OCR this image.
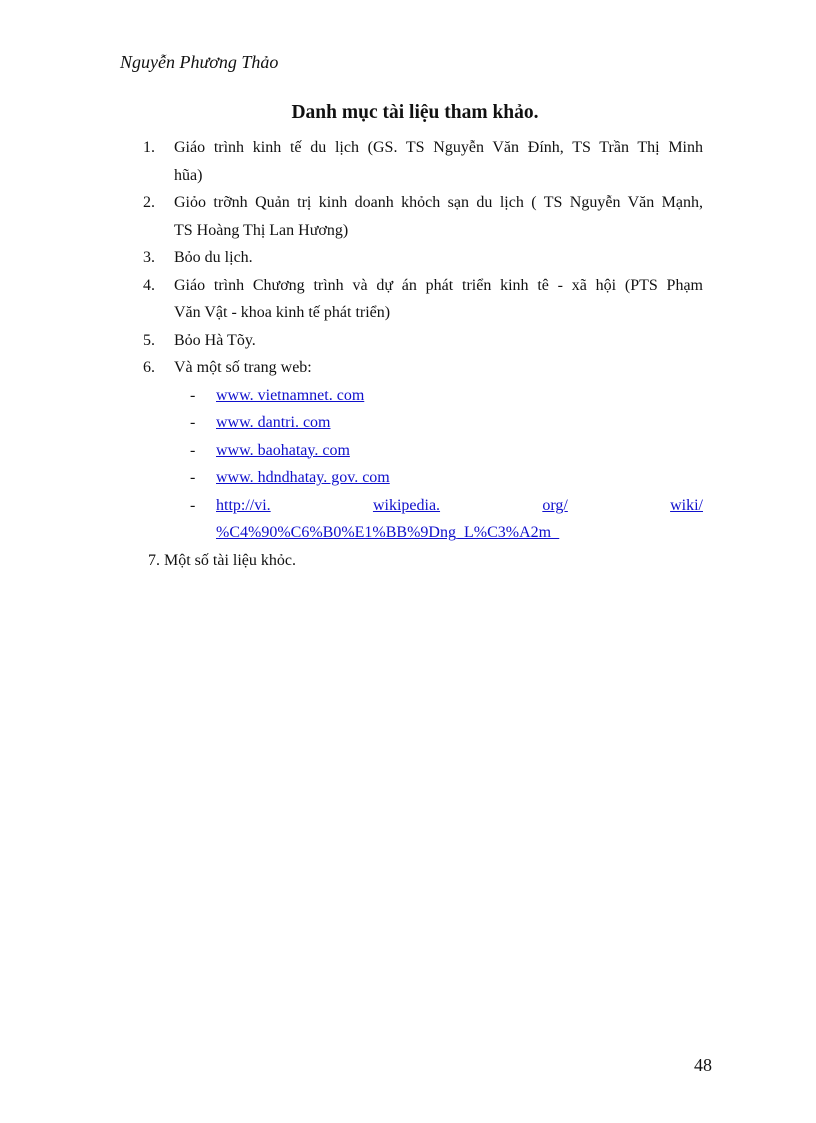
Nguyễn Phương Thảo
Danh mục tài liệu tham khảo.
1.	Giáo trình kinh tế du lịch (GS. TS Nguyễn Văn Đính, TS Trần Thị Minh
hũa)
2.	Giỏo trỡnh Quản trị kinh doanh khỏch sạn du lịch ( TS Nguyễn Văn Mạnh,
TS Hoàng Thị Lan Hương)
3.	Bỏo du lịch.
4.	Giáo trình Chương trình và dự án phát triển kinh tê - xã hội (PTS Phạm
Văn Vật - khoa kinh tế phát triển)
5.	Bỏo Hà Tõy.
6.	Và một số trang web:
-	www. vietnamnet. com
-	www. dantri. com
-	www. baohatay. com
-	www. hdndhatay. gov. com
-	http://vi.	wikipedia.	org/	wiki/
%C4%90%C6%B0%E1%BB%9Dng_L%C3%A2m_
7. Một số tài liệu khỏc.
48
